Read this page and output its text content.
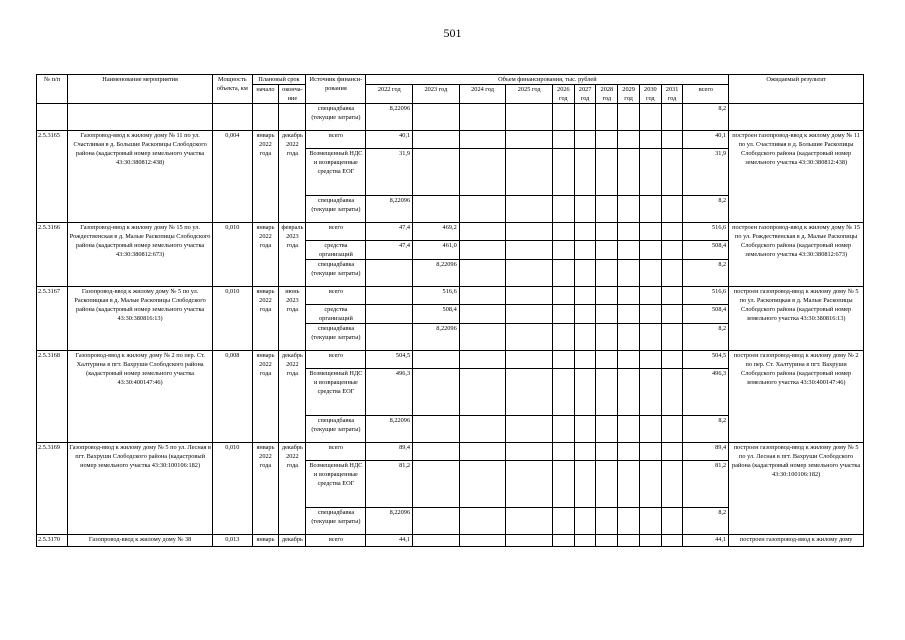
501
№ п/п	Наименование мероприятия	Мощность объекта, км	Плановый срок		Источник финанси-рования	Объем финансирования, тыс. рублей											Ожидаемый результат
			начало	оконча-ние		2022 год	2023 год	2024 год	2025 год	2026 год	2027 год	2028 год	2029 год	2030 год	2031 год	всего	
					спецнадбавка (текущие затраты)	8,22096										8,2	
2.5.3165	Газопровод-ввод к жилому дому № 11 по ул. Счастливая в д. Большие Раскопицы Слободского района (кадастровый номер земельного участка 43:30:380812:438)	0,004	январь 2022 года	декабрь 2022 года	всего	40,1										40,1	построен газопровод-ввод к жилому дому № 11 по ул. Счастливая в д. Большие Раскопицы Слободского района (кадастровый номер земельного участка 43:30:380812:438)
					Возмещенный НДС и возвращенные средства ЕОГ	31,9										31,9	
					спецнадбавка (текущие затраты)	8,22096										8,2	
2.5.3166	Газопровод-ввод к жилому дому № 15 по ул. Рождественская в д. Малые Раскопицы Слободского района (кадастровый номер земельного участка 43:30:380812:673)	0,010	январь 2022 года	февраль 2023 года	всего	47,4	469,2									516,6	построен газопровод-ввод к жилому дому № 15 по ул. Рождественская в д. Малые Раскопицы Слободского района (кадастровый номер земельного участка 43:30:380812:673)
					средства организаций	47,4	461,0									508,4	
					спецнадбавка (текущие затраты)		8,22096									8,2	
2.5.3167	Газопровод-ввод к жилому дому № 5 по ул. Раскопицкая в д. Малые Раскопицы Слободского района (кадастровый номер земельного участка 43:30:380816:13)	0,010	январь 2022 года	июнь 2023 года	всего		516,6									516,6	построен газопровод-ввод к жилому дому № 5 по ул. Раскопицкая в д. Малые Раскопицы Слободского района (кадастровый номер земельного участка 43:30:380816:13)
					средства организаций		508,4									508,4	
					спецнадбавка (текущие затраты)		8,22096									8,2	
2.5.3168	Газопровод-ввод к жилому дому № 2 по пер. Ст. Халтурина в пгт. Вахруши Слободского района (кадастровый номер земельного участка 43:30:400147:46)	0,008	январь 2022 года	декабрь 2022 года	всего	504,5										504,5	построен газопровод-ввод к жилому дому № 2 по пер. Ст. Халтурина в пгт. Вахруши Слободского района (кадастровый номер земельного участка 43:30:400147:46)
					Возмещенный НДС и возвращенные средства ЕОГ	496,3										496,3	
					спецнадбавка (текущие затраты)	8,22096										8,2	
2.5.3169	Газопровод-ввод к жилому дому № 5 по ул. Лесная в пгт. Вахруши Слободского района (кадастровый номер земельного участка 43:30:100106:182)	0,010	январь 2022 года	декабрь 2022 года	всего	89,4										89,4	построен газопровод-ввод к жилому дому № 5 по ул. Лесная в пгт. Вахруши Слободского района (кадастровый номер земельного участка 43:30:100106:182)
					Возмещенный НДС и возвращенные средства ЕОГ	81,2										81,2	
					спецнадбавка (текущие затраты)	8,22096										8,2	
2.5.3170	Газопровод-ввод к жилому дому № 38	0,013	январь	декабрь	всего	44,1										44,1	построен газопровод-ввод к жилому дому
